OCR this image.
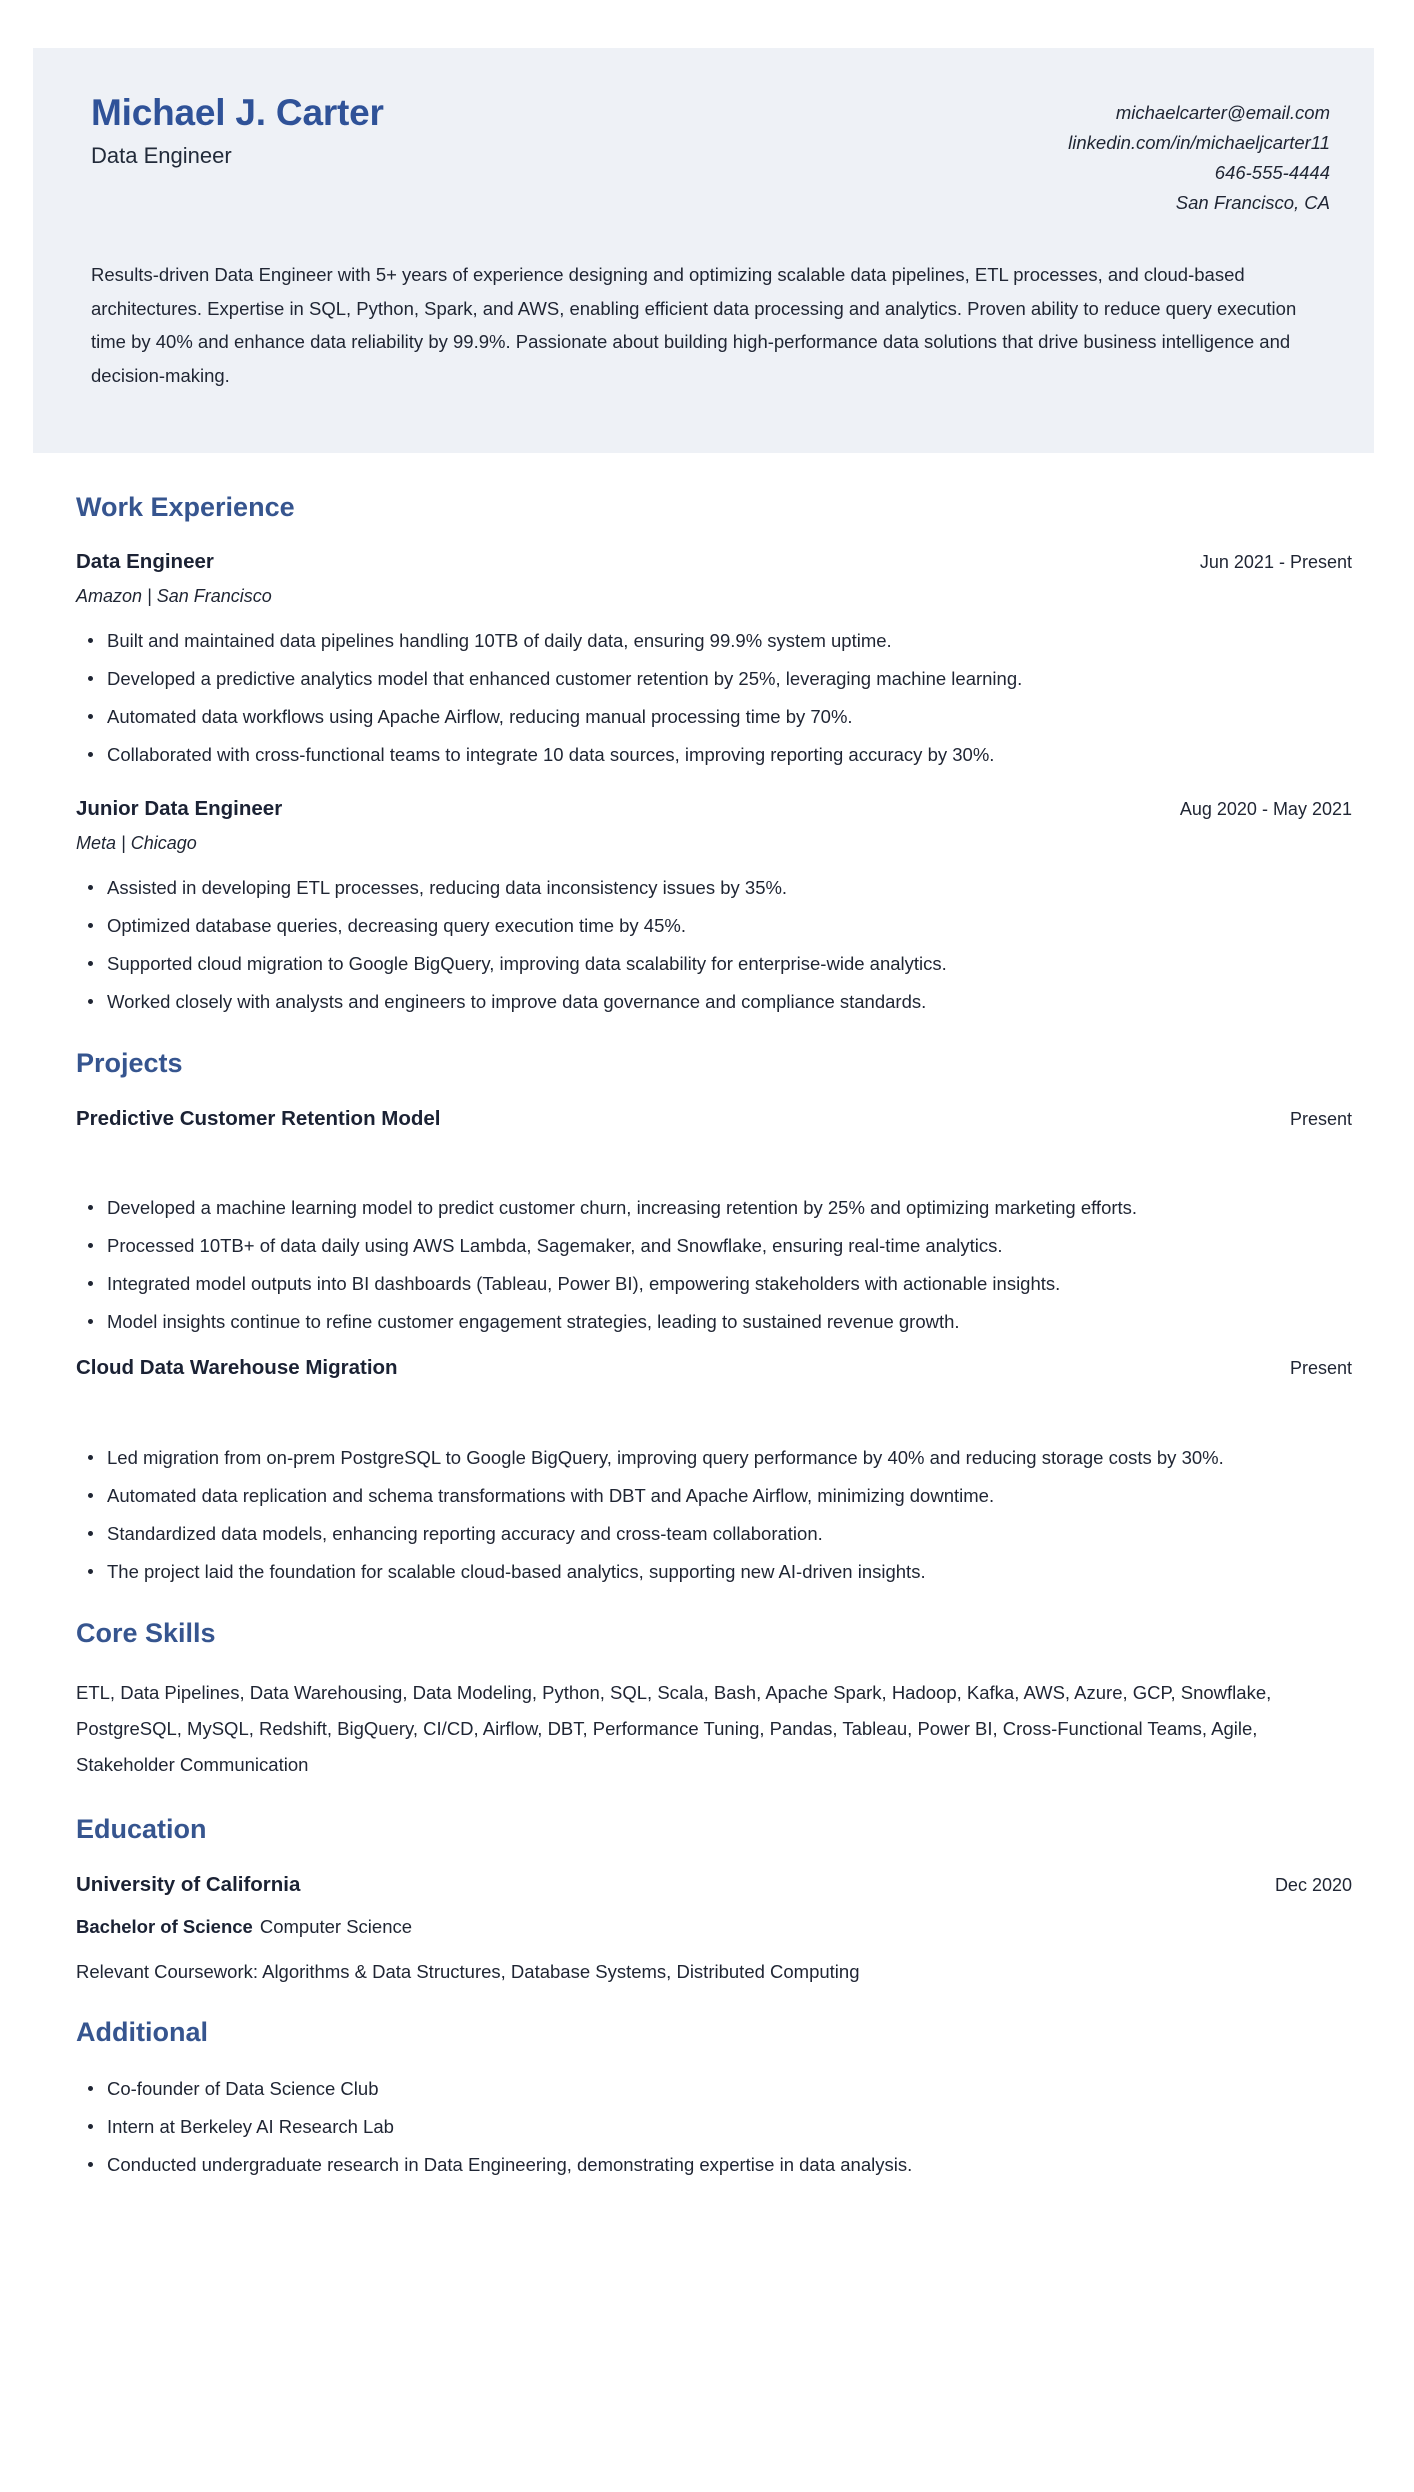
Michael J. Carter
Data Engineer
michaelcarter@email.com
linkedin.com/in/michaeljcarter11
646-555-4444
San Francisco, CA

Results-driven Data Engineer with 5+ years of experience designing and optimizing scalable data pipelines, ETL processes, and cloud-based architectures. Expertise in SQL, Python, Spark, and AWS, enabling efficient data processing and analytics. Proven ability to reduce query execution time by 40% and enhance data reliability by 99.9%. Passionate about building high-performance data solutions that drive business intelligence and decision-making.

Work Experience
Data Engineer	Jun 2021 - Present
Amazon | San Francisco
Built and maintained data pipelines handling 10TB of daily data, ensuring 99.9% system uptime.
Developed a predictive analytics model that enhanced customer retention by 25%, leveraging machine learning.
Automated data workflows using Apache Airflow, reducing manual processing time by 70%.
Collaborated with cross-functional teams to integrate 10 data sources, improving reporting accuracy by 30%.
Junior Data Engineer	Aug 2020 - May 2021
Meta | Chicago
Assisted in developing ETL processes, reducing data inconsistency issues by 35%.
Optimized database queries, decreasing query execution time by 45%.
Supported cloud migration to Google BigQuery, improving data scalability for enterprise-wide analytics.
Worked closely with analysts and engineers to improve data governance and compliance standards.
Projects
Predictive Customer Retention Model	Present
Developed a machine learning model to predict customer churn, increasing retention by 25% and optimizing marketing efforts.
Processed 10TB+ of data daily using AWS Lambda, Sagemaker, and Snowflake, ensuring real-time analytics.
Integrated model outputs into BI dashboards (Tableau, Power BI), empowering stakeholders with actionable insights.
Model insights continue to refine customer engagement strategies, leading to sustained revenue growth.
Cloud Data Warehouse Migration	Present
Led migration from on-prem PostgreSQL to Google BigQuery, improving query performance by 40% and reducing storage costs by 30%.
Automated data replication and schema transformations with DBT and Apache Airflow, minimizing downtime.
Standardized data models, enhancing reporting accuracy and cross-team collaboration.
The project laid the foundation for scalable cloud-based analytics, supporting new AI-driven insights.
Core Skills
ETL, Data Pipelines, Data Warehousing, Data Modeling, Python, SQL, Scala, Bash, Apache Spark, Hadoop, Kafka, AWS, Azure, GCP, Snowflake, PostgreSQL, MySQL, Redshift, BigQuery, CI/CD, Airflow, DBT, Performance Tuning, Pandas, Tableau, Power BI, Cross-Functional Teams, Agile, Stakeholder Communication
Education
University of California	Dec 2020
Bachelor of Science Computer Science
Relevant Coursework: Algorithms & Data Structures, Database Systems, Distributed Computing
Additional
Co-founder of Data Science Club
Intern at Berkeley AI Research Lab
Conducted undergraduate research in Data Engineering, demonstrating expertise in data analysis.
